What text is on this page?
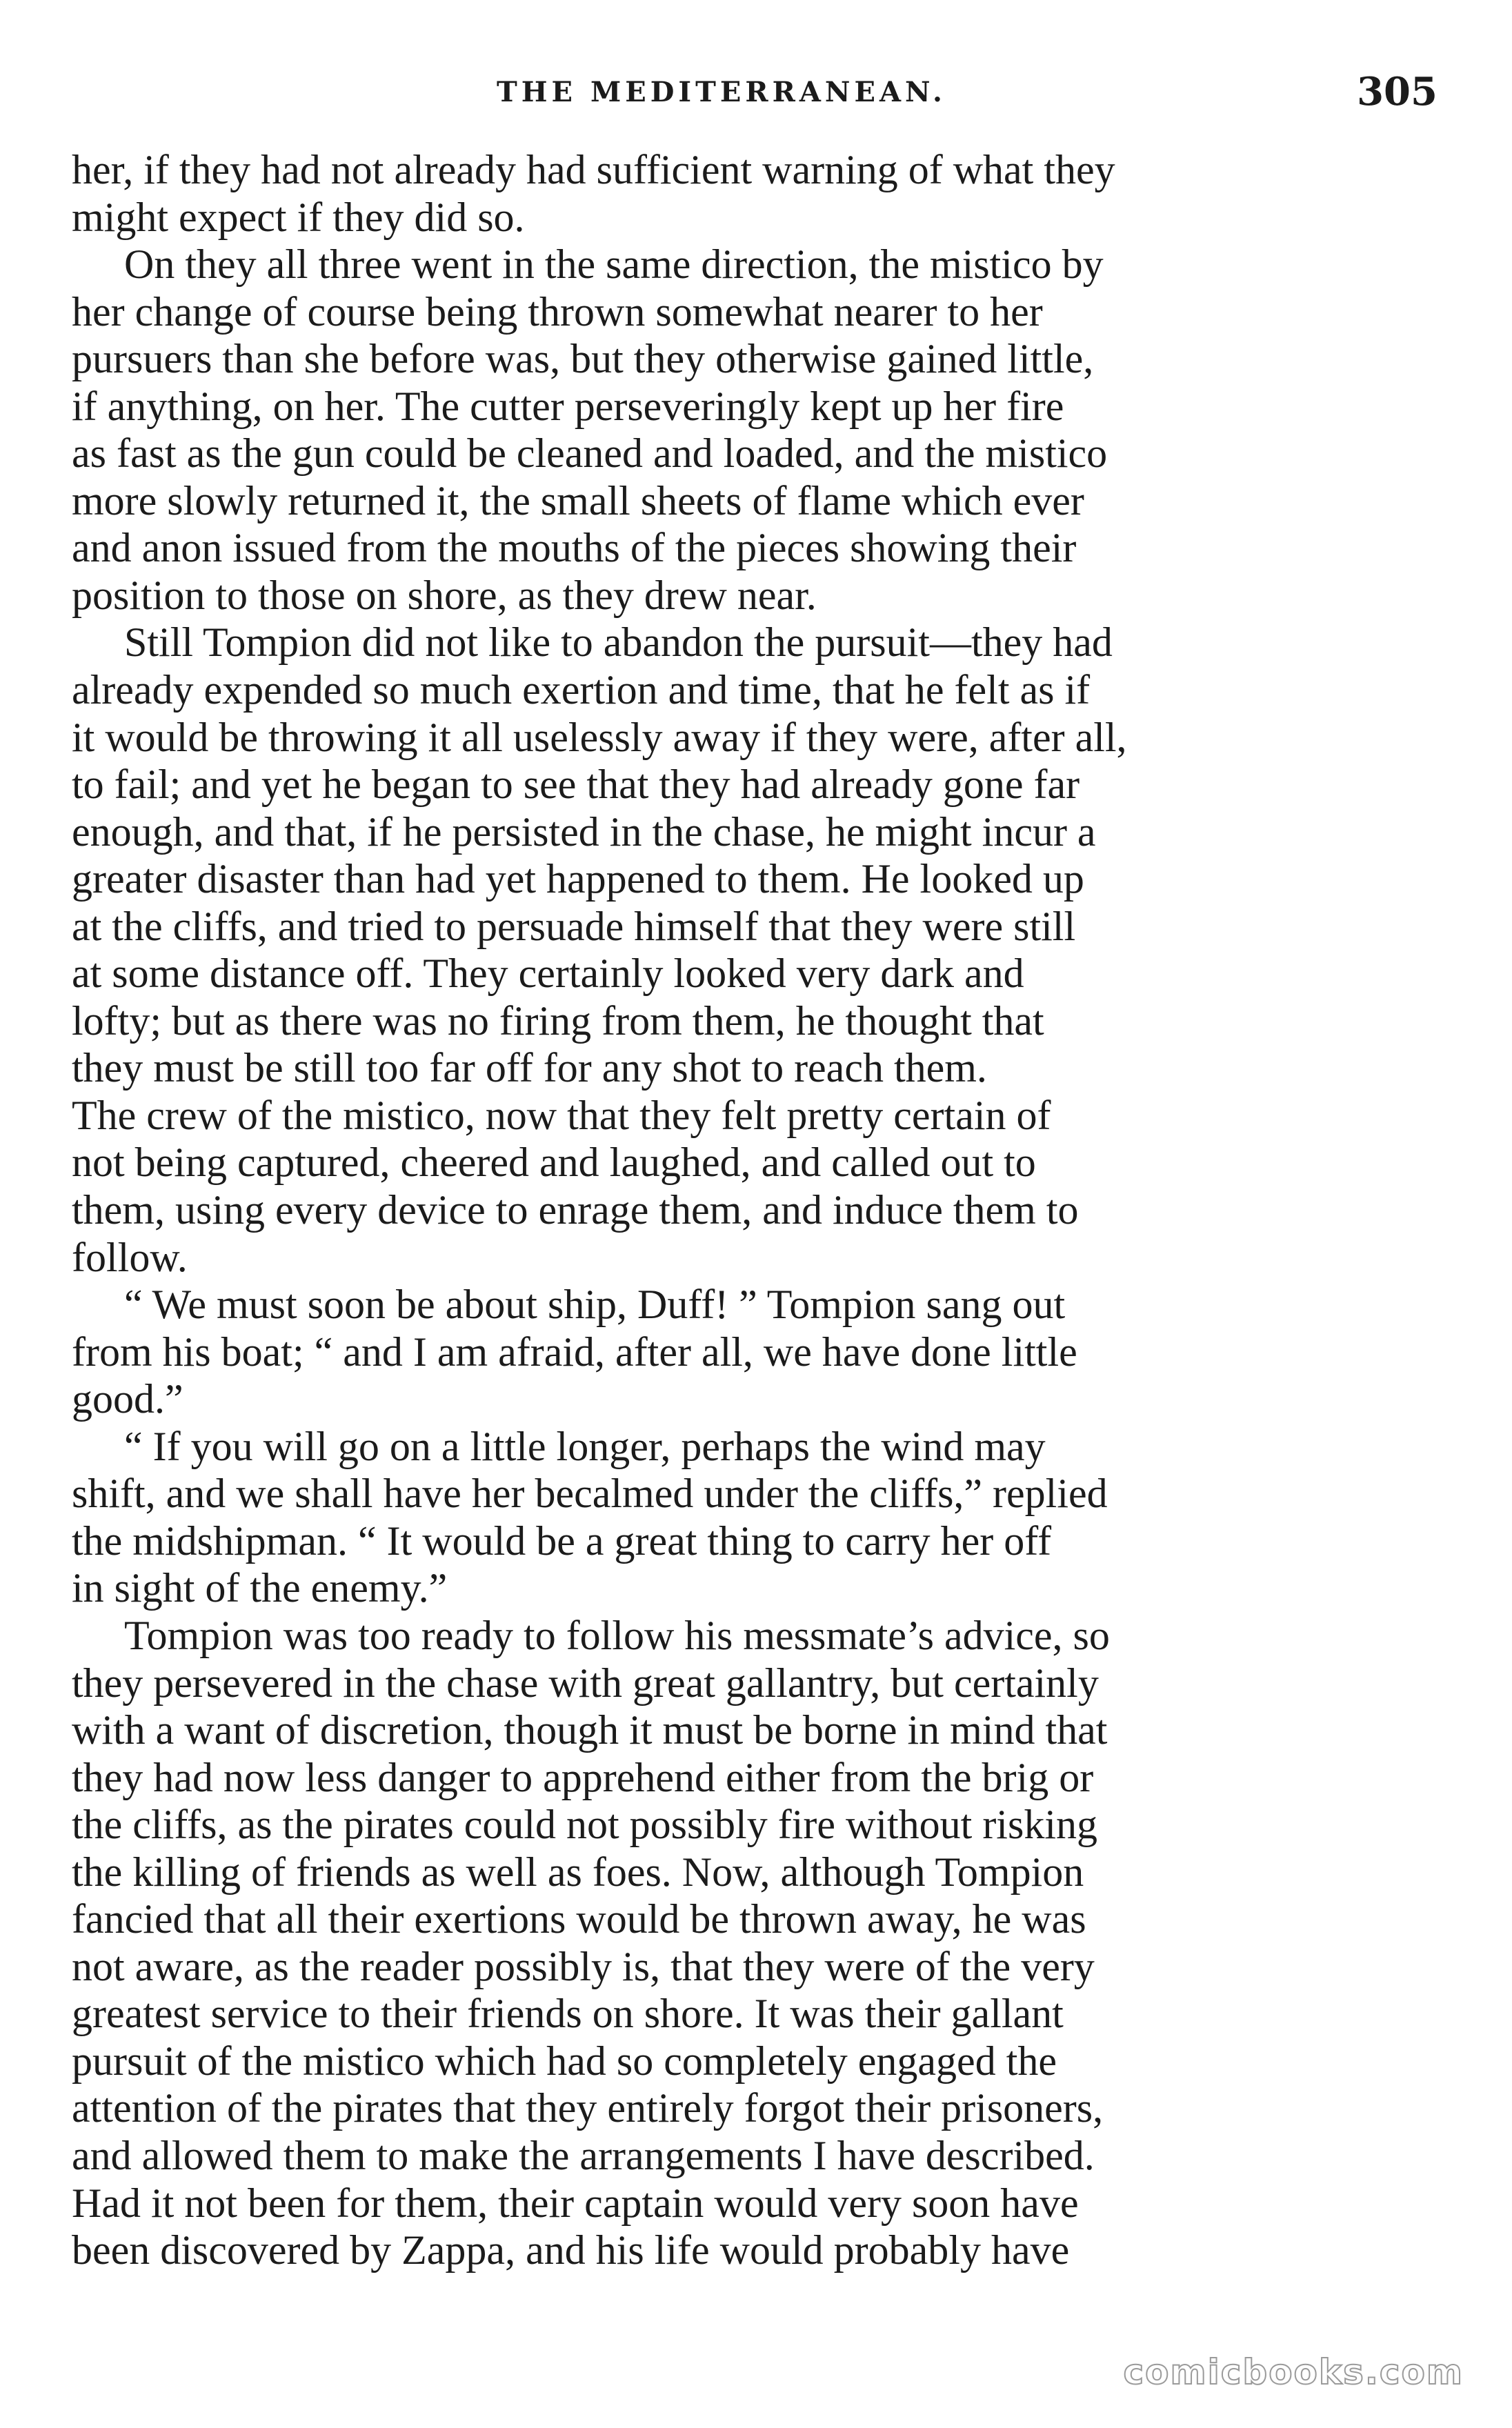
THE MEDITERRANEAN.	305
her, if they had not already had sufficient warning of what they
might expect if they did so.
On they all three went in the same direction, the mistico by
her change of course being thrown somewhat nearer to her
pursuers than she before was, but they otherwise gained little,
if anything, on her. The cutter perseveringly kept up her fire
as fast as the gun could be cleaned and loaded, and the mistico
more slowly returned it, the small sheets of flame which ever
and anon issued from the mouths of the pieces showing their
position to those on shore, as they drew near.
Still Tompion did not like to abandon the pursuit—they had
already expended so much exertion and time, that he felt as if
it would be throwing it all uselessly away if they were, after all,
to fail; and yet he began to see that they had already gone far
enough, and that, if he persisted in the chase, he might incur a
greater disaster than had yet happened to them. He looked up
at the cliffs, and tried to persuade himself that they were still
at some distance off. They certainly looked very dark and
lofty; but as there was no firing from them, he thought that
they must be still too far off for any shot to reach them.
The crew of the mistico, now that they felt pretty certain of
not being captured, cheered and laughed, and called out to
them, using every device to enrage them, and induce them to
follow.
“ We must soon be about ship, Duff! ” Tompion sang out
from his boat; “ and I am afraid, after all, we have done little
good.”
“ If you will go on a little longer, perhaps the wind may
shift, and we shall have her becalmed under the cliffs,” replied
the midshipman. “ It would be a great thing to carry her off
in sight of the enemy.”
Tompion was too ready to follow his messmate’s advice, so
they persevered in the chase with great gallantry, but certainly
with a want of discretion, though it must be borne in mind that
they had now less danger to apprehend either from the brig or
the cliffs, as the pirates could not possibly fire without risking
the killing of friends as well as foes. Now, although Tompion
fancied that all their exertions would be thrown away, he was
not aware, as the reader possibly is, that they were of the very
greatest service to their friends on shore. It was their gallant
pursuit of the mistico which had so completely engaged the
attention of the pirates that they entirely forgot their prisoners,
and allowed them to make the arrangements I have described.
Had it not been for them, their captain would very soon have
been discovered by Zappa, and his life would probably have
comicbooks.com
